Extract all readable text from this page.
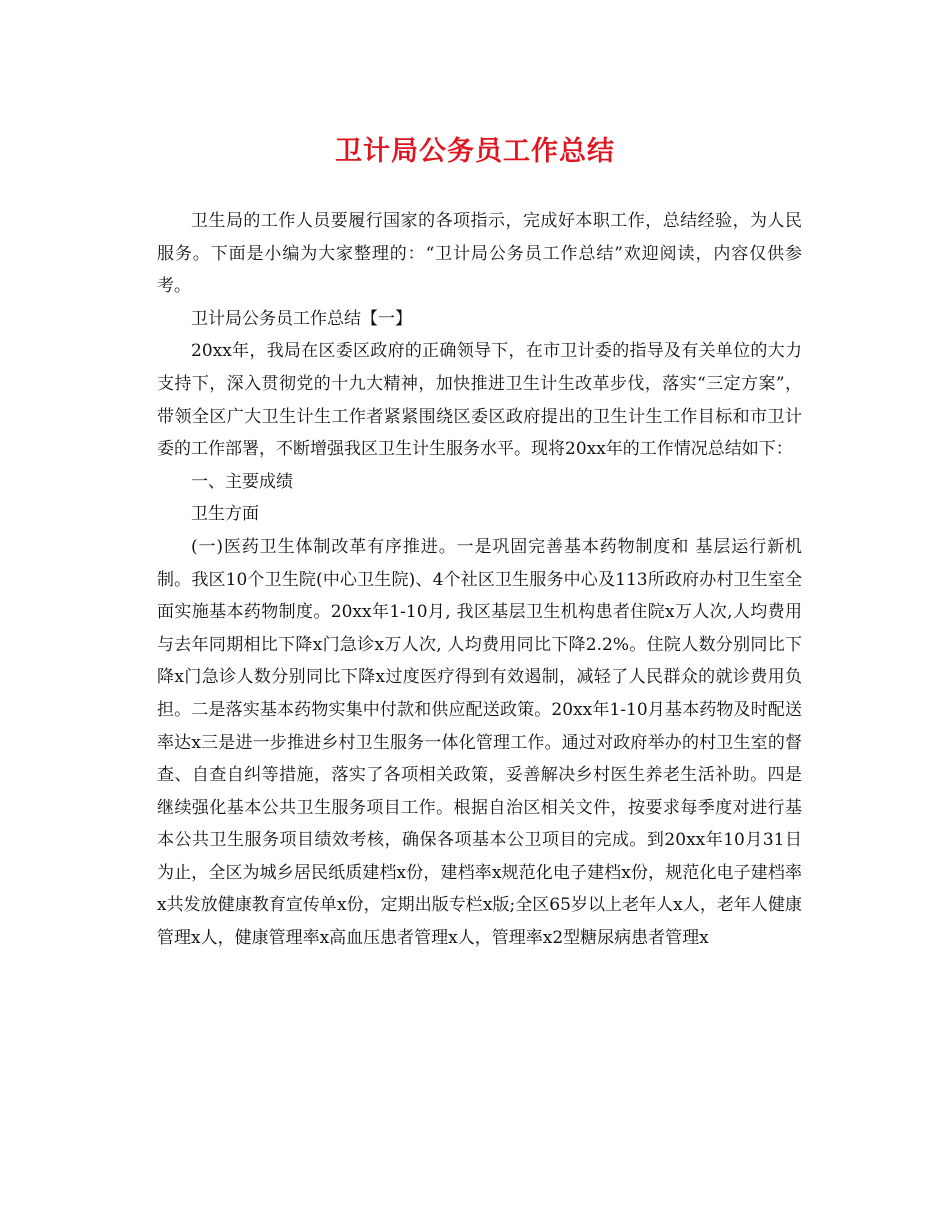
卫计局公务员工作总结

卫生局的工作人员要履行国家的各项指示，完成好本职工作，总结经验，为人民服务。下面是小编为大家整理的：“卫计局公务员工作总结”欢迎阅读，内容仅供参考。

卫计局公务员工作总结【一】

20xx年，我局在区委区政府的正确领导下，在市卫计委的指导及有关单位的大力支持下，深入贯彻党的十九大精神，加快推进卫生计生改革步伐，落实“三定方案”，带领全区广大卫生计生工作者紧紧围绕区委区政府提出的卫生计生工作目标和市卫计委的工作部署，不断增强我区卫生计生服务水平。现将20xx年的工作情况总结如下：

一、主要成绩

卫生方面

(一)医药卫生体制改革有序推进。一是巩固完善基本药物制度和 基层运行新机制。我区10个卫生院(中心卫生院)、4个社区卫生服务中心及113所政府办村卫生室全面实施基本药物制度。20xx年1-10月, 我区基层卫生机构患者住院x万人次,人均费用与去年同期相比下降x门急诊x万人次, 人均费用同比下降2.2%。住院人数分别同比下降x门急诊人数分别同比下降x过度医疗得到有效遏制，减轻了人民群众的就诊费用负担。二是落实基本药物实集中付款和供应配送政策。20xx年1-10月基本药物及时配送率达x三是进一步推进乡村卫生服务一体化管理工作。通过对政府举办的村卫生室的督查、自查自纠等措施，落实了各项相关政策，妥善解决乡村医生养老生活补助。四是继续强化基本公共卫生服务项目工作。根据自治区相关文件，按要求每季度对进行基本公共卫生服务项目绩效考核，确保各项基本公卫项目的完成。到20xx年10月31日为止，全区为城乡居民纸质建档x份，建档率x规范化电子建档x份，规范化电子建档率x共发放健康教育宣传单x份，定期出版专栏x版;全区65岁以上老年人x人，老年人健康管理x人，健康管理率x高血压患者管理x人，管理率x2型糖尿病患者管理x
